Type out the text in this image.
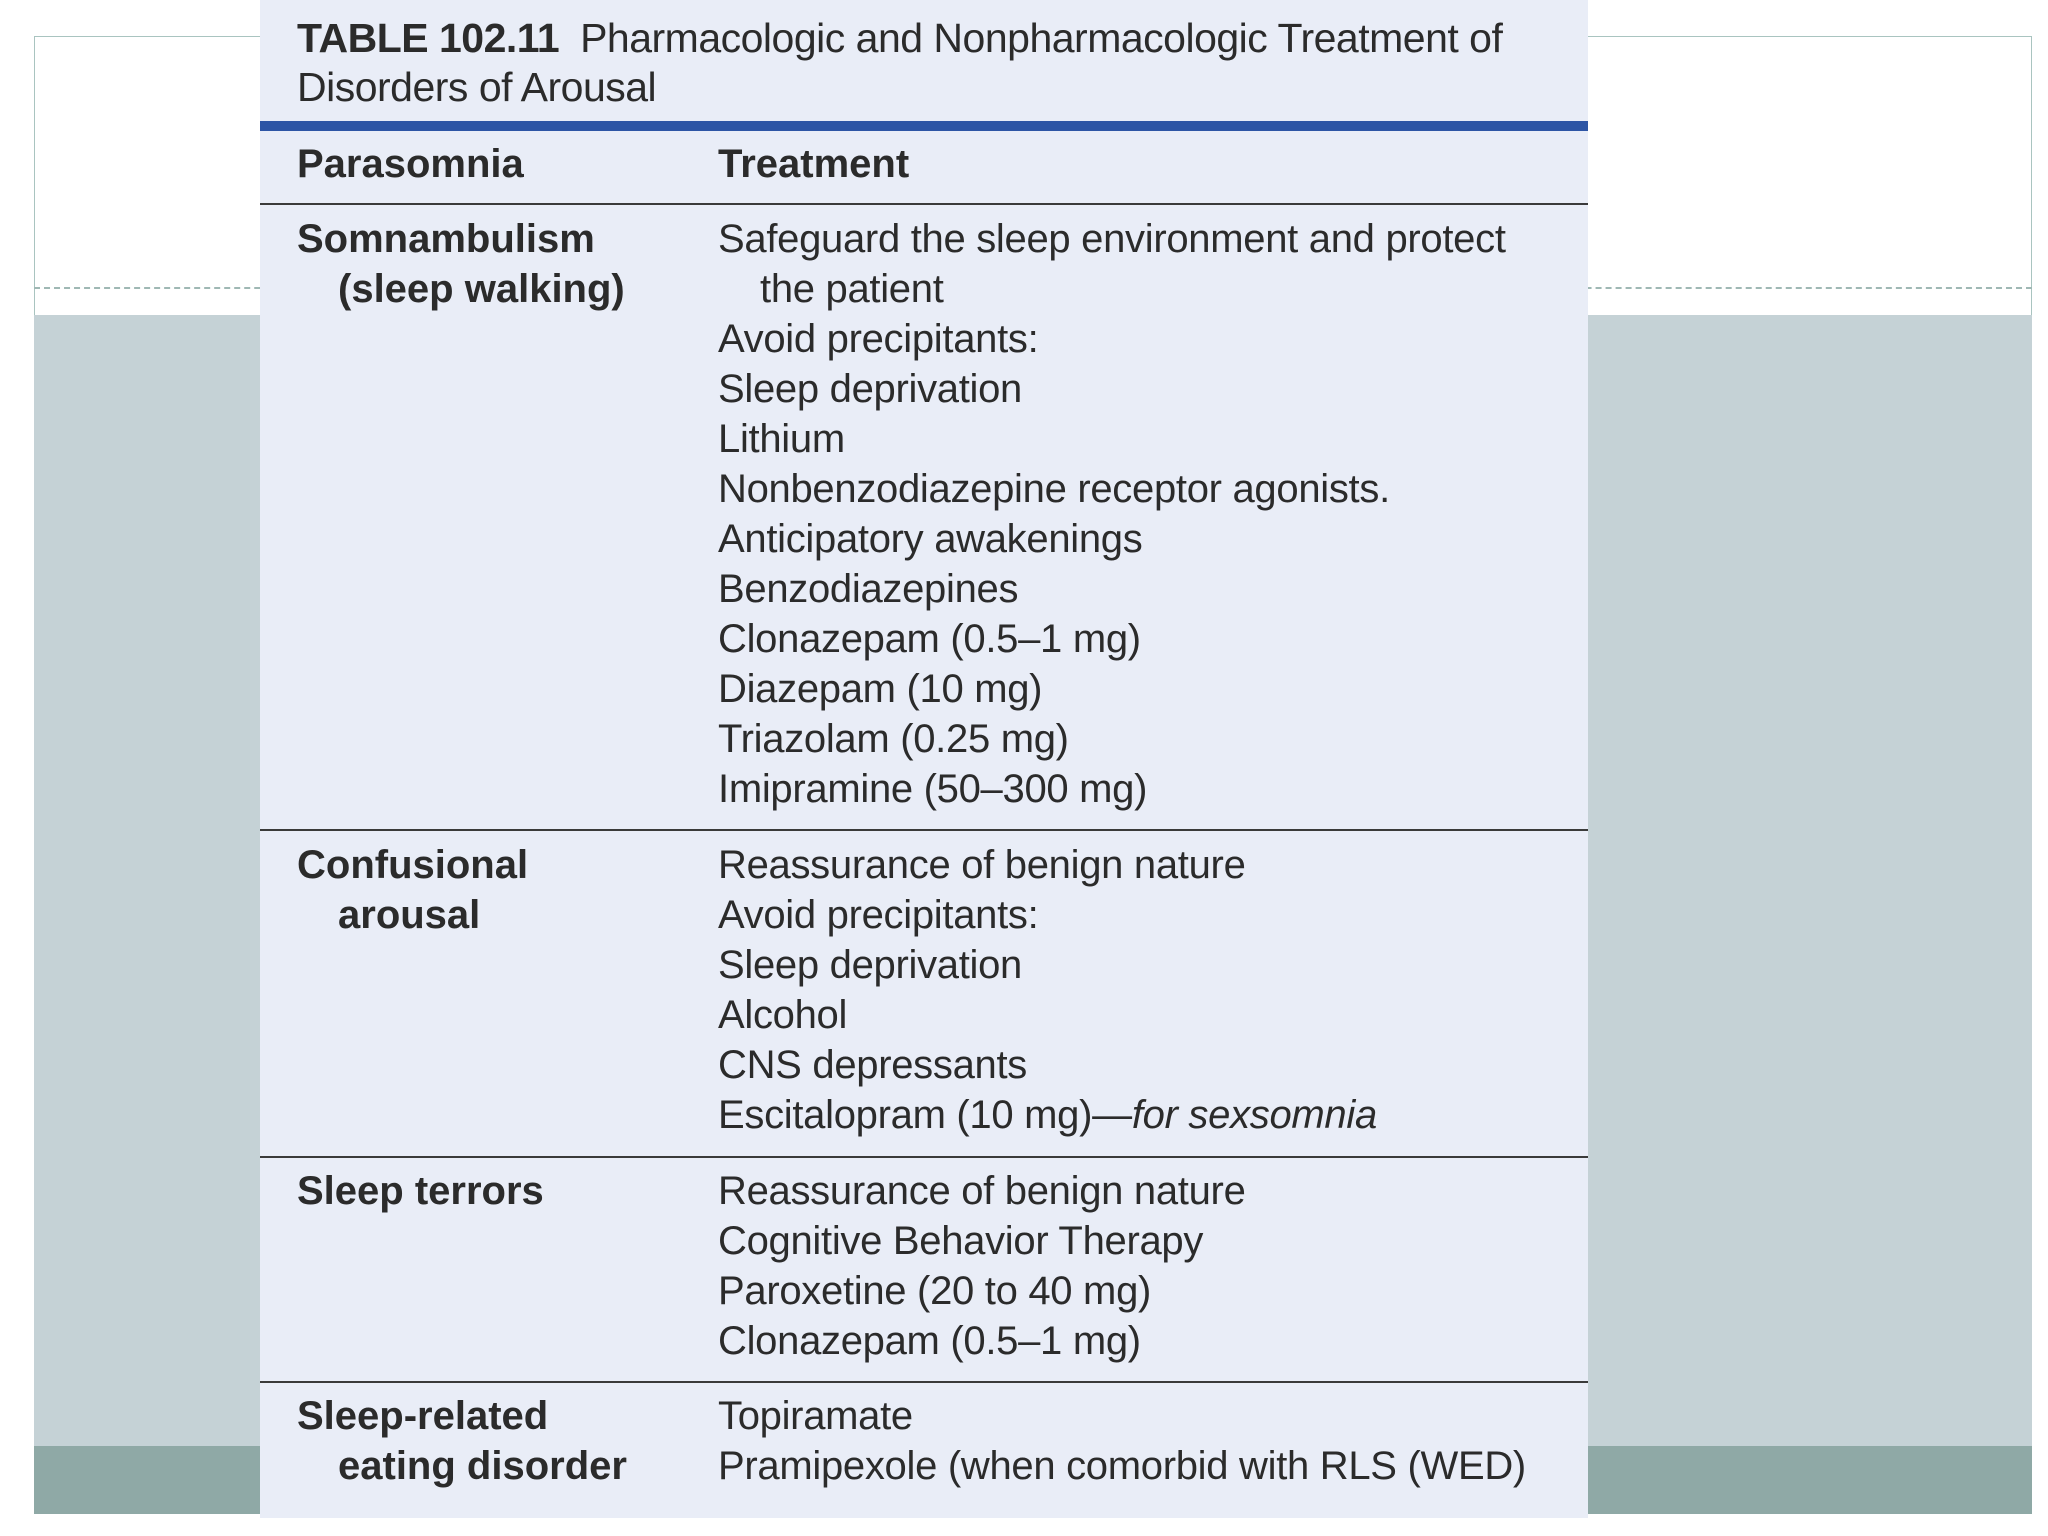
TABLE 102.11 Pharmacologic and Nonpharmacologic Treatment of Disorders of Arousal
Parasomnia	Treatment
Somnambulism
(sleep walking)
Safeguard the sleep environment and protect
the patient
Avoid precipitants:
Sleep deprivation
Lithium
Nonbenzodiazepine receptor agonists.
Anticipatory awakenings
Benzodiazepines
Clonazepam (0.5–1 mg)
Diazepam (10 mg)
Triazolam (0.25 mg)
Imipramine (50–300 mg)
Confusional
arousal
Reassurance of benign nature
Avoid precipitants:
Sleep deprivation
Alcohol
CNS depressants
Escitalopram (10 mg)—for sexsomnia
Sleep terrors	Reassurance of benign nature
Cognitive Behavior Therapy
Paroxetine (20 to 40 mg)
Clonazepam (0.5–1 mg)
Sleep-related
eating disorder
Topiramate
Pramipexole (when comorbid with RLS (WED)
